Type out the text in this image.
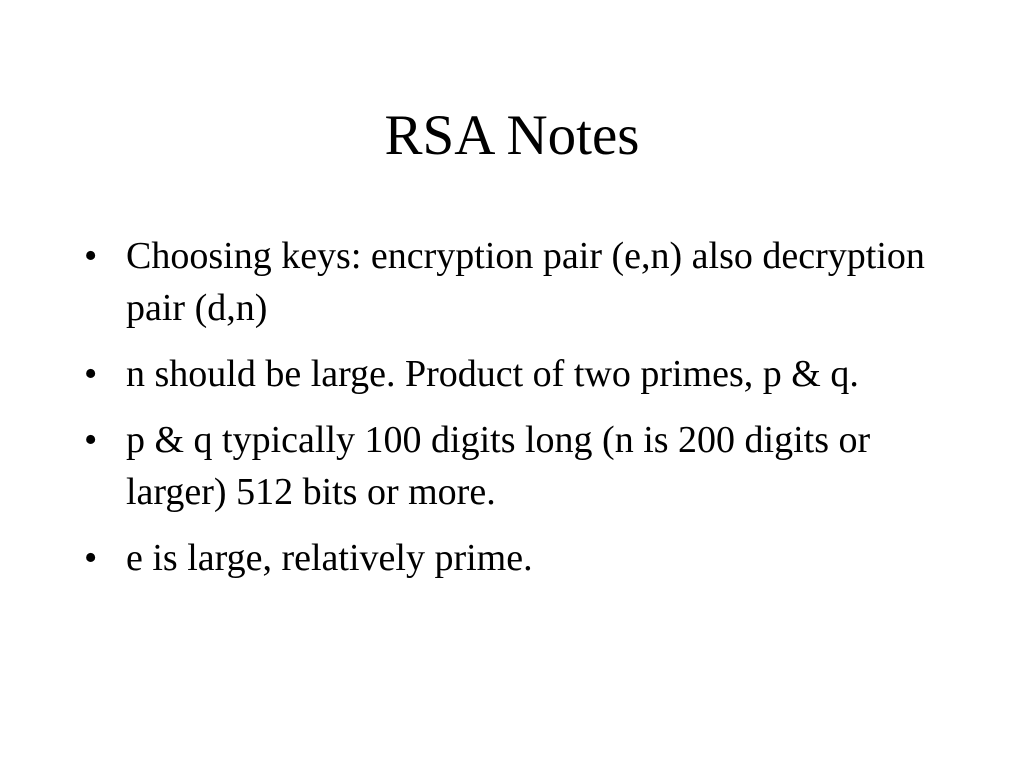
RSA Notes
• Choosing keys: encryption pair (e,n) also decryption pair (d,n)
• n should be large. Product of two primes, p & q.
• p & q typically 100 digits long (n is 200 digits or larger) 512 bits or more.
• e is large, relatively prime.
